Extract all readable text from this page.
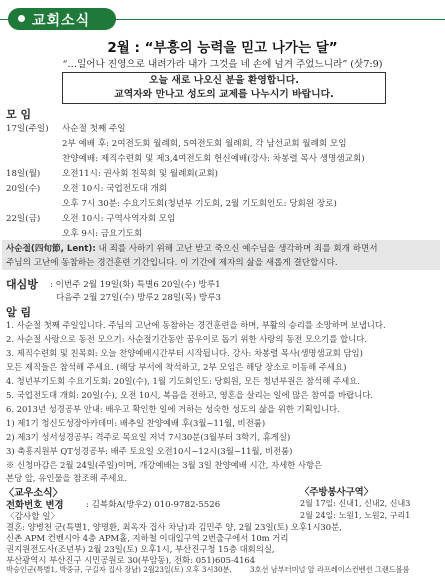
교회소식
2월 : “부흥의 능력을 믿고 나가는 달”
“…일어나 진영으로 내려가라 내가 그것을 네 손에 넘겨 주었느니라” (삿7:9)
오늘 새로 나오신 분을 환영합니다.
교역자와 만나고 성도의 교제를 나누시기 바랍니다.
모 임
17일(주일) 사순절 첫째 주일
2부 예배 후: 2여전도회 월례회, 5여전도회 월례회, 각 남선교회 월례회 모임
찬양예배: 제직수련회 및 제3,4여전도회 헌신예배(강사: 차봉렬 목사 생명샘교회)
18일(월)	오전11시: 권사회 친목회 및 월례회(교회)
20일(수)	오전 10시: 국업전도대 개회
오후 7시 30분: 수요기도회(청년부 기도회, 2월 기도회인도: 당회원 장로)
22일(금)	오전 10시: 구역사역자회 모임
오후 9시: 금요기도회
사순절(四旬節, Lent): 내 죄를 사하기 위해 고난 받고 죽으신 예수님을 생각하며 죄를 회개 하면서
주님의 고난에 동참하는 경건훈련 기간입니다. 이 기간에 제자의 삶을 새롭게 결단합시다.
대심방 : 이번주 2월 19일(화) 특별6 20일(수) 방루1
다음주 2월 27일(수) 방루2 28일(목) 방루3
알 림
1. 사순절 첫째 주일입니다. 주님의 고난에 동참하는 경건훈련을 하며, 부활의 승리를 소망하며 보냅니다.
2. 사순절 사랑으로 동전 모으기: 사순절기간동안 꿈우이로 돕기 위한 사랑의 동전 모으기를 합니다.
3. 제직수련회 및 친목회: 오늘 찬양예배시간부터 시작됩니다. 강사: 차봉렬 목사(생명샘교회 담임)
모든 제직들은 참석해 주세요. (해당 부서에 착석하고, 2부 모임은 해당 장소로 이동해 주세요)
4. 청년부기도회 수요기도회: 20일(수), 1월 기도회인도: 당회원, 모든 청년부원은 참석해 주세요.
5. 국업전도대 개회: 20일(수), 오전 10시, 복음을 전하고, 영혼을 살리는 일에 많은 참여를 바랍니다.
6. 2013년 성경공부 안내: 배우고 확인한 일에 거하는 성숙한 성도의 삶을 위한 기획입니다.
1) 제1기 청신도성장아카데미: 배추일 찬양예배 후(3월~11월, 비전룸)
2) 제3기 성서성경공부: 격주로 목요일 저녁 7시30분(3월부터 3학기, 휴게실)
3) 축흥지원부 QT성경공부: 배주 토요일 오전10시~12시(3월~11월, 비전룸)
※ 신청마감은 2월 24일(주일)이며, 개강예배는 3월 3일 찬양예배 시간, 자세한 사항은
본당 앞, 유인물을 참조해 주세요.
〈교우소식〉
전화번호 변경	: 김복화A(방우2) 010-9782-5526
〈감사할 일〉
결혼: 양병천 군(특별1, 양명환, 최옥자 집사 차남)과 김민주 양, 2월 23일(토) 오후1시30분,
신촌 APM 컨벤시아 4층 APM홀, 지하철 이대입구역 2번출구에서 10m 거리
권지원전도사(조년부) 2월 23일(토) 오후1시, 부산진구청 15층 대회의실,
부산광역시 부산진구 시민공원로 30(부암동), 전화: 051)605-4164
박승인군(특별1, 박중규, 구길자 집사 장남) 2월23일(토) 오후 3시30분,
〈주방봉사구역〉
2월 17일: 신내1, 신내2, 신내3
2월 24일: 노원1, 노원2, 구리1
3호선 남부터미널 앞 라프레이스컨벤션 그랜드볼룸
